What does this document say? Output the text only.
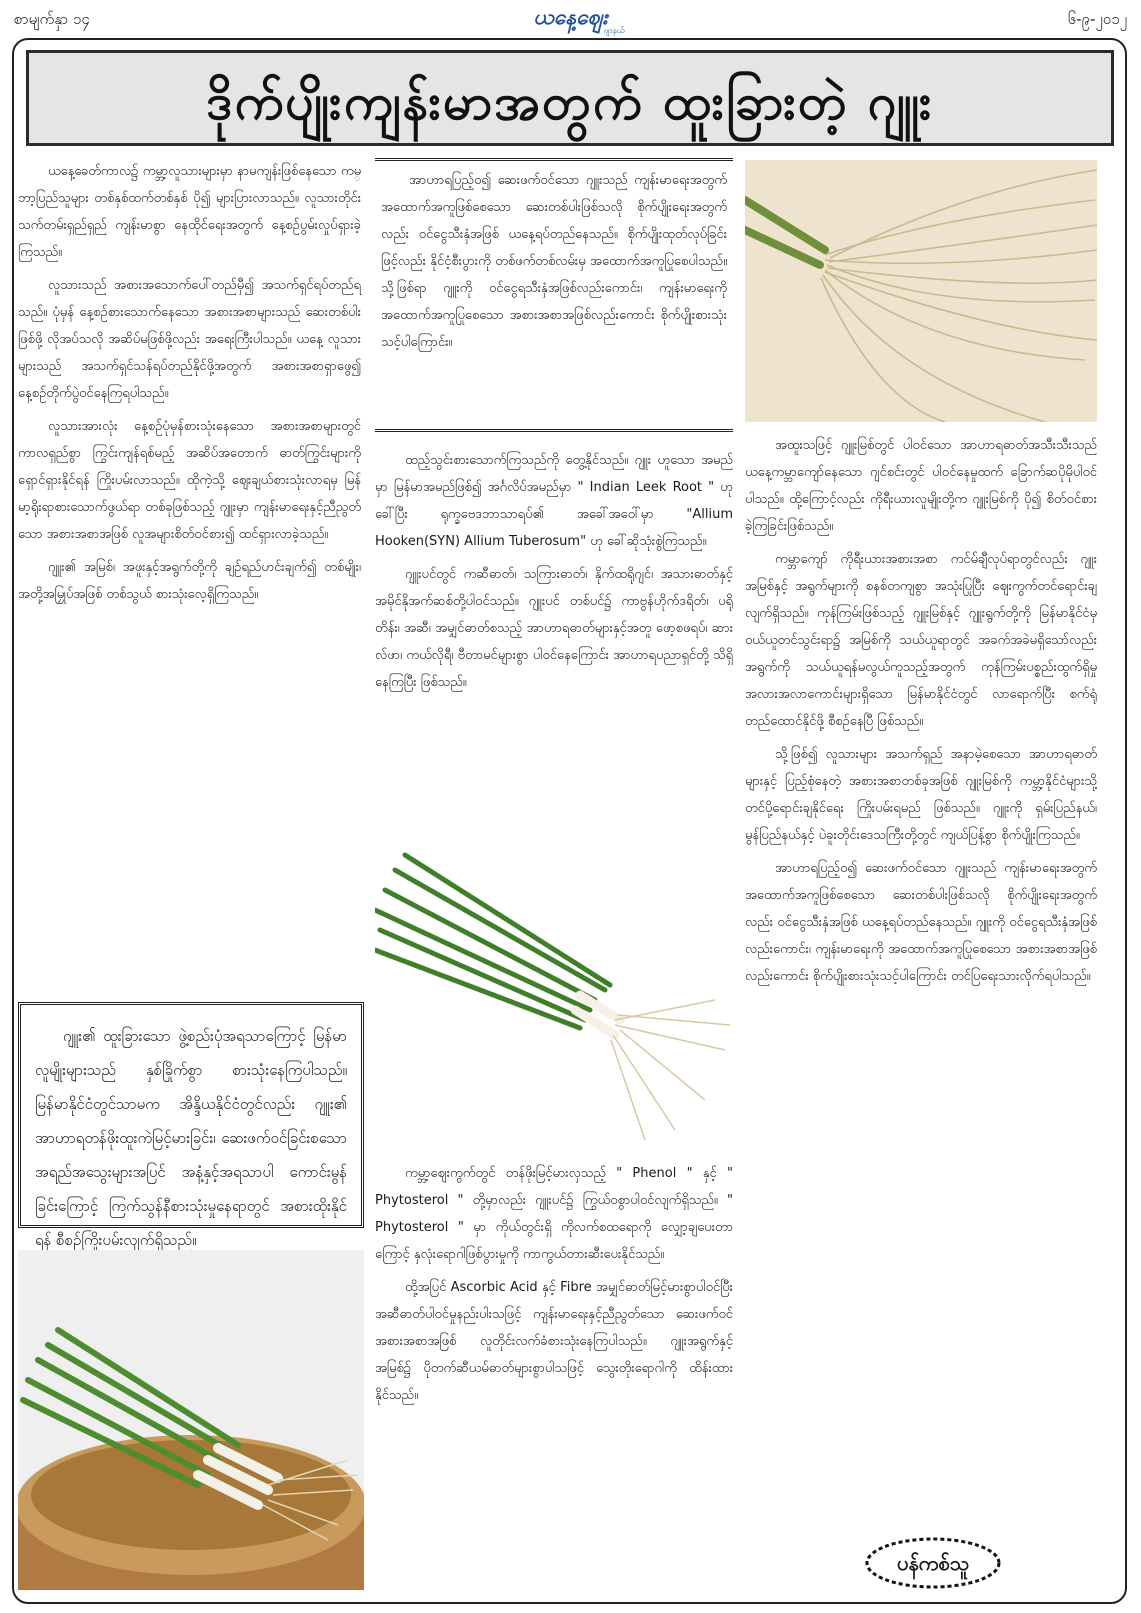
စာမျက်နှာ ၁၄	ယနေ့ဈေး
ဂျာနယ်
၆-၉-၂၀၁၂
ဒိုက်ပျိုးကျန်းမာအတွက် ထူးခြားတဲ့ ဂျူး

ယနေ့ခေတ်ကာလ၌ ကမ္ဘာ့လူသားများမှာ နာမကျန်းဖြစ်နေသော ကမ္ဘာ့ပြည်သူများ တစ်နှစ်ထက်တစ်နှစ် ပို၍ များပြားလာသည်။ လူသားတိုင်း သက်တမ်းရှည်ရှည် ကျန်းမာစွာ နေထိုင်ရေးအတွက် နေ့စဉ်ပွမ်းလှုပ်ရှားခဲ့ကြသည်။

လူသားသည် အစားအသောက်ပေါ်တည်မှီ၍ အသက်ရှင်ရပ်တည်ရသည်။ ပုံမှန် နေ့စဉ်စားသောက်နေသော အစားအစာများသည် ဆေးတစ်ပါးဖြစ်ဖို့ လိုအပ်သလို အဆိပ်မဖြစ်ဖို့လည်း အရေးကြီးပါသည်။ ယနေ့ လူသားများသည် အသက်ရှင်သန်ရပ်တည်နိုင်ဖို့အတွက် အစားအစာရှာဖွေ၍ နေ့စဉ်တိုက်ပွဲဝင်နေကြရပါသည်။

လူသားအားလုံး နေ့စဉ်ပုံမှန်စားသုံးနေသော အစားအစာများတွင် ကာလရှည်စွာ ကြွင်းကျန်ရစ်မည့် အဆိပ်အတောက် ဓာတ်ကြွင်းများကို ရှောင်ရှားနိုင်ရန် ကြိုးပမ်းလာသည်။ ထိုကဲ့သို့ ဈေးချယ်စားသုံးလာရမှ မြန်မာ့ရိုးရာစားသောက်ဖွယ်ရာ တစ်ခုဖြစ်သည့် ဂျူးမှာ ကျန်းမာရေးနှင့်ညီညွတ်သော အစားအစာအဖြစ် လူအများစိတ်ဝင်စား၍ ထင်ရှားလာခဲ့သည်။

ဂျူး၏ အမြစ်၊ အဖူးနှင့်အရွက်တို့ကို ချဉ်ရည်ဟင်းချက်၍ တစ်မျိုး၊ အတို့အမြှုပ်အဖြစ် တစ်သွယ် စားသုံးလေ့ရှိကြသည်။

ဂျူး၏ ထူးခြားသော ဖွဲ့စည်းပုံအရသာကြောင့် မြန်မာလူမျိုးများသည် နှစ်ခြိုက်စွာ စားသုံးနေကြပါသည်။ မြန်မာနိုင်ငံတွင်သာမက အိန္ဒိယနိုင်ငံတွင်လည်း ဂျူး၏ အာဟာရတန်ဖိုးထူးကဲမြင့်မားခြင်း၊ ဆေးဖက်ဝင်ခြင်းစသော အရည်အသွေးများအပြင် အနံ့နှင့်အရသာပါ ကောင်းမွန်ခြင်းကြောင့် ကြက်သွန်နီစားသုံးမှုနေရာတွင် အစားထိုးနိုင်ရန် စီစဉ်ကြိုးပမ်းလျက်ရှိသည်။
အာဟာရပြည့်ဝ၍ ဆေးဖက်ဝင်သော ဂျူးသည် ကျန်းမာရေးအတွက် အထောက်အကူဖြစ်စေသော ဆေးတစ်ပါးဖြစ်သလို စိုက်ပျိုးရေးအတွက်လည်း ဝင်ငွေသီးနှံအဖြစ် ယနေ့ရပ်တည်နေသည်။ စိုက်ပျိုးထုတ်လုပ်ခြင်းဖြင့်လည်း နိုင်ငံ့စီးပွားကို တစ်ဖက်တစ်လမ်းမှ အထောက်အကူပြုစေပါသည်။ သို့ဖြစ်ရာ ဂျူးကို ဝင်ငွေရသီးနှံအဖြစ်လည်းကောင်း၊ ကျန်းမာရေးကို အထောက်အကူပြုစေသော အစားအစာအဖြစ်လည်းကောင်း စိုက်ပျိုးစားသုံးသင့်ပါကြောင်း။

ထည့်သွင်းစားသောက်ကြသည်ကို တွေ့နိုင်သည်။ ဂျူး ဟူသော အမည်မှာ မြန်မာအမည်ဖြစ်၍ အင်္ဂလိပ်အမည်မှာ " Indian Leek Root " ဟုခေါ်ပြီး ရုက္ခဗေဒဘာသာရပ်၏ အခေါ်အဝေါ်မှာ "Allium Hooken(SYN) Allium Tuberosum" ဟု ခေါ်ဆိုသုံးစွဲကြသည်။

ဂျူးပင်တွင် ကဆီဓာတ်၊ သကြားဓာတ်၊ နိုက်ထရိုဂျင်၊ အသားဓာတ်နှင့် အမိုင်နိုအက်ဆစ်တို့ပါဝင်သည်။ ဂျူးပင် တစ်ပင်၌ ကာဗွန်ဟိုက်ဒရိတ်၊ ပရိုတိန်း၊ အဆီ၊ အမျှင်ဓာတ်စသည့် အာဟာရဓာတ်များနှင့်အတူ ဖော့စဖရပ်၊ ဆားလ်ဖာ၊ ကယ်လိုရီ၊ ဗီတာမင်များစွာ ပါဝင်နေကြောင်း အာဟာရပညာရှင်တို့ သိရှိနေကြပြီး ဖြစ်သည်။

ကမ္ဘာ့ဈေးကွက်တွင် တန်ဖိုးမြင့်မားလှသည့် " Phenol " နှင့် " Phytosterol " တို့မှာလည်း ဂျူးပင်၌ ကြွယ်ဝစွာပါဝင်လျက်ရှိသည်။ " Phytosterol " မှာ ကိုယ်တွင်းရှိ ကိုလက်စထရောကို လျှော့ချပေးတာကြောင့် နှလုံးရောဂါဖြစ်ပွားမှုကို ကာကွယ်တားဆီးပေးနိုင်သည်။

ထို့အပြင် Ascorbic Acid နှင့် Fibre အမျှင်ဓာတ်မြင့်မားစွာပါဝင်ပြီး အဆီဓာတ်ပါဝင်မှုနည်းပါးသဖြင့် ကျန်းမာရေးနှင့်ညီညွတ်သော ဆေးဖက်ဝင်အစားအစာအဖြစ် လူတိုင်းလက်ခံစားသုံးနေကြပါသည်။ ဂျူးအရွက်နှင့် အမြစ်၌ ပိုတက်ဆီယမ်ဓာတ်များစွာပါသဖြင့် သွေးတိုးရောဂါကို ထိန်းထားနိုင်သည်။

အထူးသဖြင့် ဂျူးမြစ်တွင် ပါဝင်သော အာဟာရဓာတ်အသီးသီးသည် ယနေ့ကမ္ဘာကျော်နေသော ဂျင်စင်းတွင် ပါဝင်နေမှုထက် ခြောက်ဆပိုမိုပါဝင်ပါသည်။ ထို့ကြောင့်လည်း ကိုရီးယားလူမျိုးတို့က ဂျူးမြစ်ကို ပို၍ စိတ်ဝင်စားခဲ့ကြခြင်းဖြစ်သည်။

ကမ္ဘာကျော် ကိုရီးယားအစားအစာ ကင်မ်ချီလုပ်ရာတွင်လည်း ဂျူးအမြစ်နှင့် အရွက်များကို စနစ်တကျစွာ အသုံးပြုပြီး ဈေးကွက်တင်ရောင်းချလျက်ရှိသည်။ ကုန်ကြမ်းဖြစ်သည့် ဂျူးမြစ်နှင့် ဂျူးရွက်တို့ကို မြန်မာနိုင်ငံမှ ဝယ်ယူတင်သွင်းရာ၌ အမြစ်ကို သယ်ယူရာတွင် အခက်အခဲမရှိသော်လည်း အရွက်ကို သယ်ယူရန်မလွယ်ကူသည့်အတွက် ကုန်ကြမ်းပစ္စည်းထွက်ရှိမှု အလားအလာကောင်းများရှိသော မြန်မာနိုင်ငံတွင် လာရောက်ပြီး စက်ရုံတည်ထောင်နိုင်ဖို့ စီစဉ်နေပြီ ဖြစ်သည်။

သို့ဖြစ်၍ လူသားများ အသက်ရှည် အနာမဲ့စေသော အာဟာရဓာတ်များနှင့် ပြည့်စုံနေတဲ့ အစားအစာတစ်ခုအဖြစ် ဂျူးမြစ်ကို ကမ္ဘာ့နိုင်ငံများသို့ တင်ပို့ရောင်းချနိုင်ရေး ကြိုးပမ်းရမည် ဖြစ်သည်။ ဂျူးကို ရှမ်းပြည်နယ်၊ မွန်ပြည်နယ်နှင့် ပဲခူးတိုင်းဒေသကြီးတို့တွင် ကျယ်ပြန့်စွာ စိုက်ပျိုးကြသည်။

အာဟာရပြည့်ဝ၍ ဆေးဖက်ဝင်သော ဂျူးသည် ကျန်းမာရေးအတွက် အထောက်အကူဖြစ်စေသော ဆေးတစ်ပါးဖြစ်သလို စိုက်ပျိုးရေးအတွက်လည်း ဝင်ငွေသီးနှံအဖြစ် ယနေ့ရပ်တည်နေသည်။ ဂျူးကို ဝင်ငွေရသီးနှံအဖြစ်လည်းကောင်း၊ ကျန်းမာရေးကို အထောက်အကူပြုစေသော အစားအစာအဖြစ်လည်းကောင်း စိုက်ပျိုးစားသုံးသင့်ပါကြောင်း တင်ပြရေးသားလိုက်ရပါသည်။

ပန်ကစ်သူ
